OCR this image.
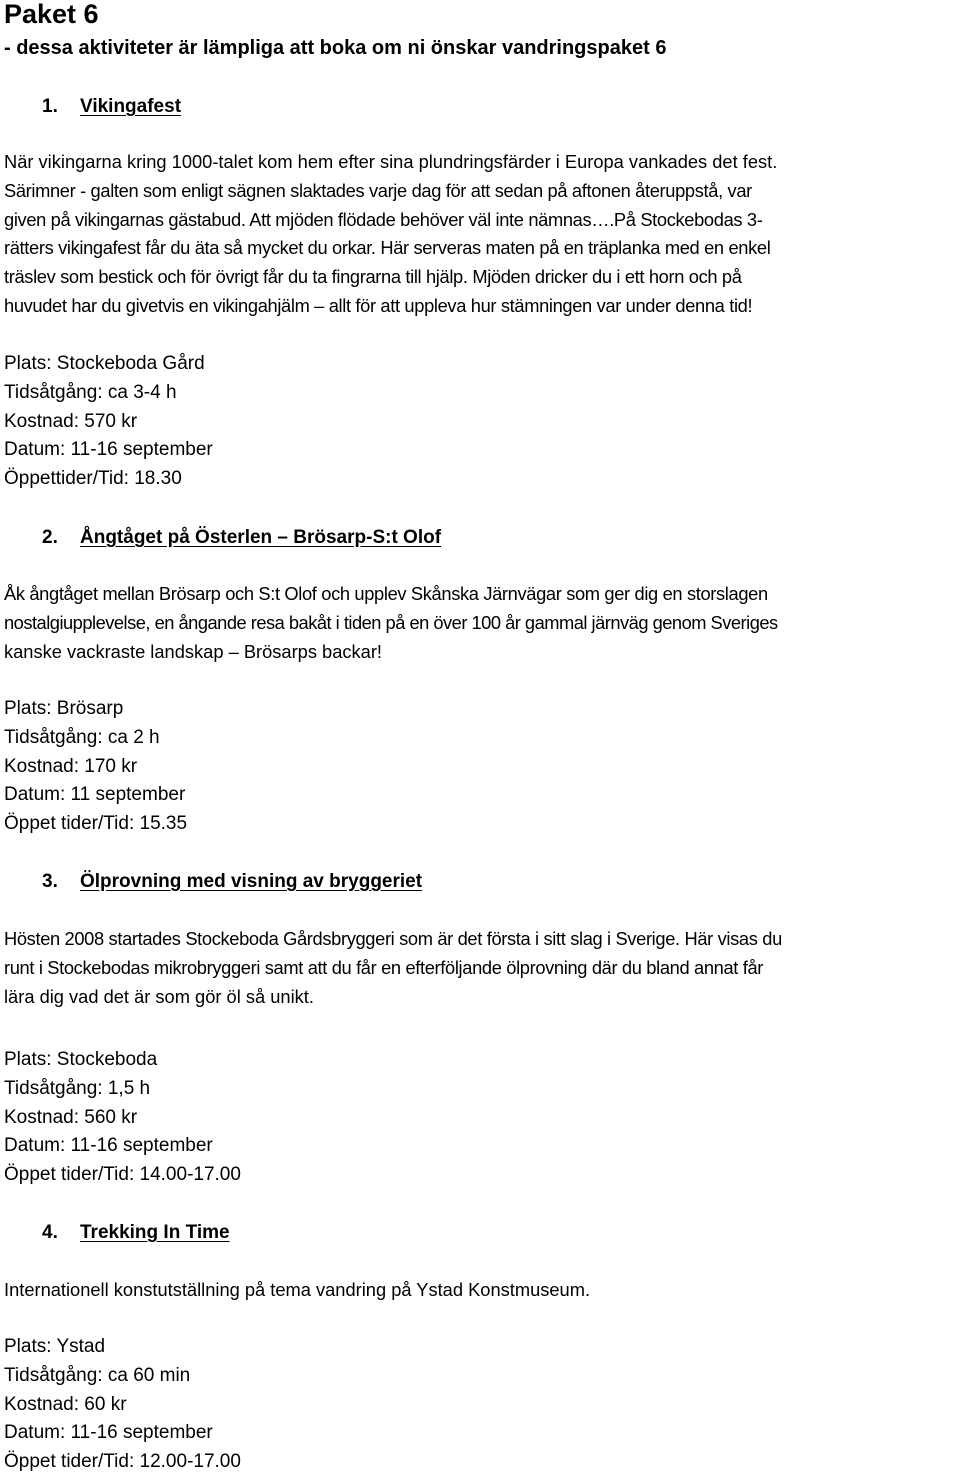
Paket 6
- dessa aktiviteter är lämpliga att boka om ni önskar vandringspaket 6
1. Vikingafest
När vikingarna kring 1000-talet kom hem efter sina plundringsfärder i Europa vankades det fest.
Särimner - galten som enligt sägnen slaktades varje dag för att sedan på aftonen återuppstå, var
given på vikingarnas gästabud. Att mjöden flödade behöver väl inte nämnas….På Stockebodas 3-
rätters vikingafest får du äta så mycket du orkar. Här serveras maten på en träplanka med en enkel
träslev som bestick och för övrigt får du ta fingrarna till hjälp. Mjöden dricker du i ett horn och på
huvudet har du givetvis en vikingahjälm – allt för att uppleva hur stämningen var under denna tid!
Plats: Stockeboda Gård
Tidsåtgång: ca 3-4 h
Kostnad: 570 kr
Datum: 11-16 september
Öppettider/Tid: 18.30
2. Ångtåget på Österlen – Brösarp-S:t Olof
Åk ångtåget mellan Brösarp och S:t Olof och upplev Skånska Järnvägar som ger dig en storslagen
nostalgiupplevelse, en ångande resa bakåt i tiden på en över 100 år gammal järnväg genom Sveriges
kanske vackraste landskap – Brösarps backar!
Plats: Brösarp
Tidsåtgång: ca 2 h
Kostnad: 170 kr
Datum: 11 september
Öppet tider/Tid: 15.35
3. Ölprovning med visning av bryggeriet
Hösten 2008 startades Stockeboda Gårdsbryggeri som är det första i sitt slag i Sverige. Här visas du
runt i Stockebodas mikrobryggeri samt att du får en efterföljande ölprovning där du bland annat får
lära dig vad det är som gör öl så unikt.
Plats: Stockeboda
Tidsåtgång: 1,5 h
Kostnad: 560 kr
Datum: 11-16 september
Öppet tider/Tid: 14.00-17.00
4. Trekking In Time
Internationell konstutställning på tema vandring på Ystad Konstmuseum.
Plats: Ystad
Tidsåtgång: ca 60 min
Kostnad: 60 kr
Datum: 11-16 september
Öppet tider/Tid: 12.00-17.00
